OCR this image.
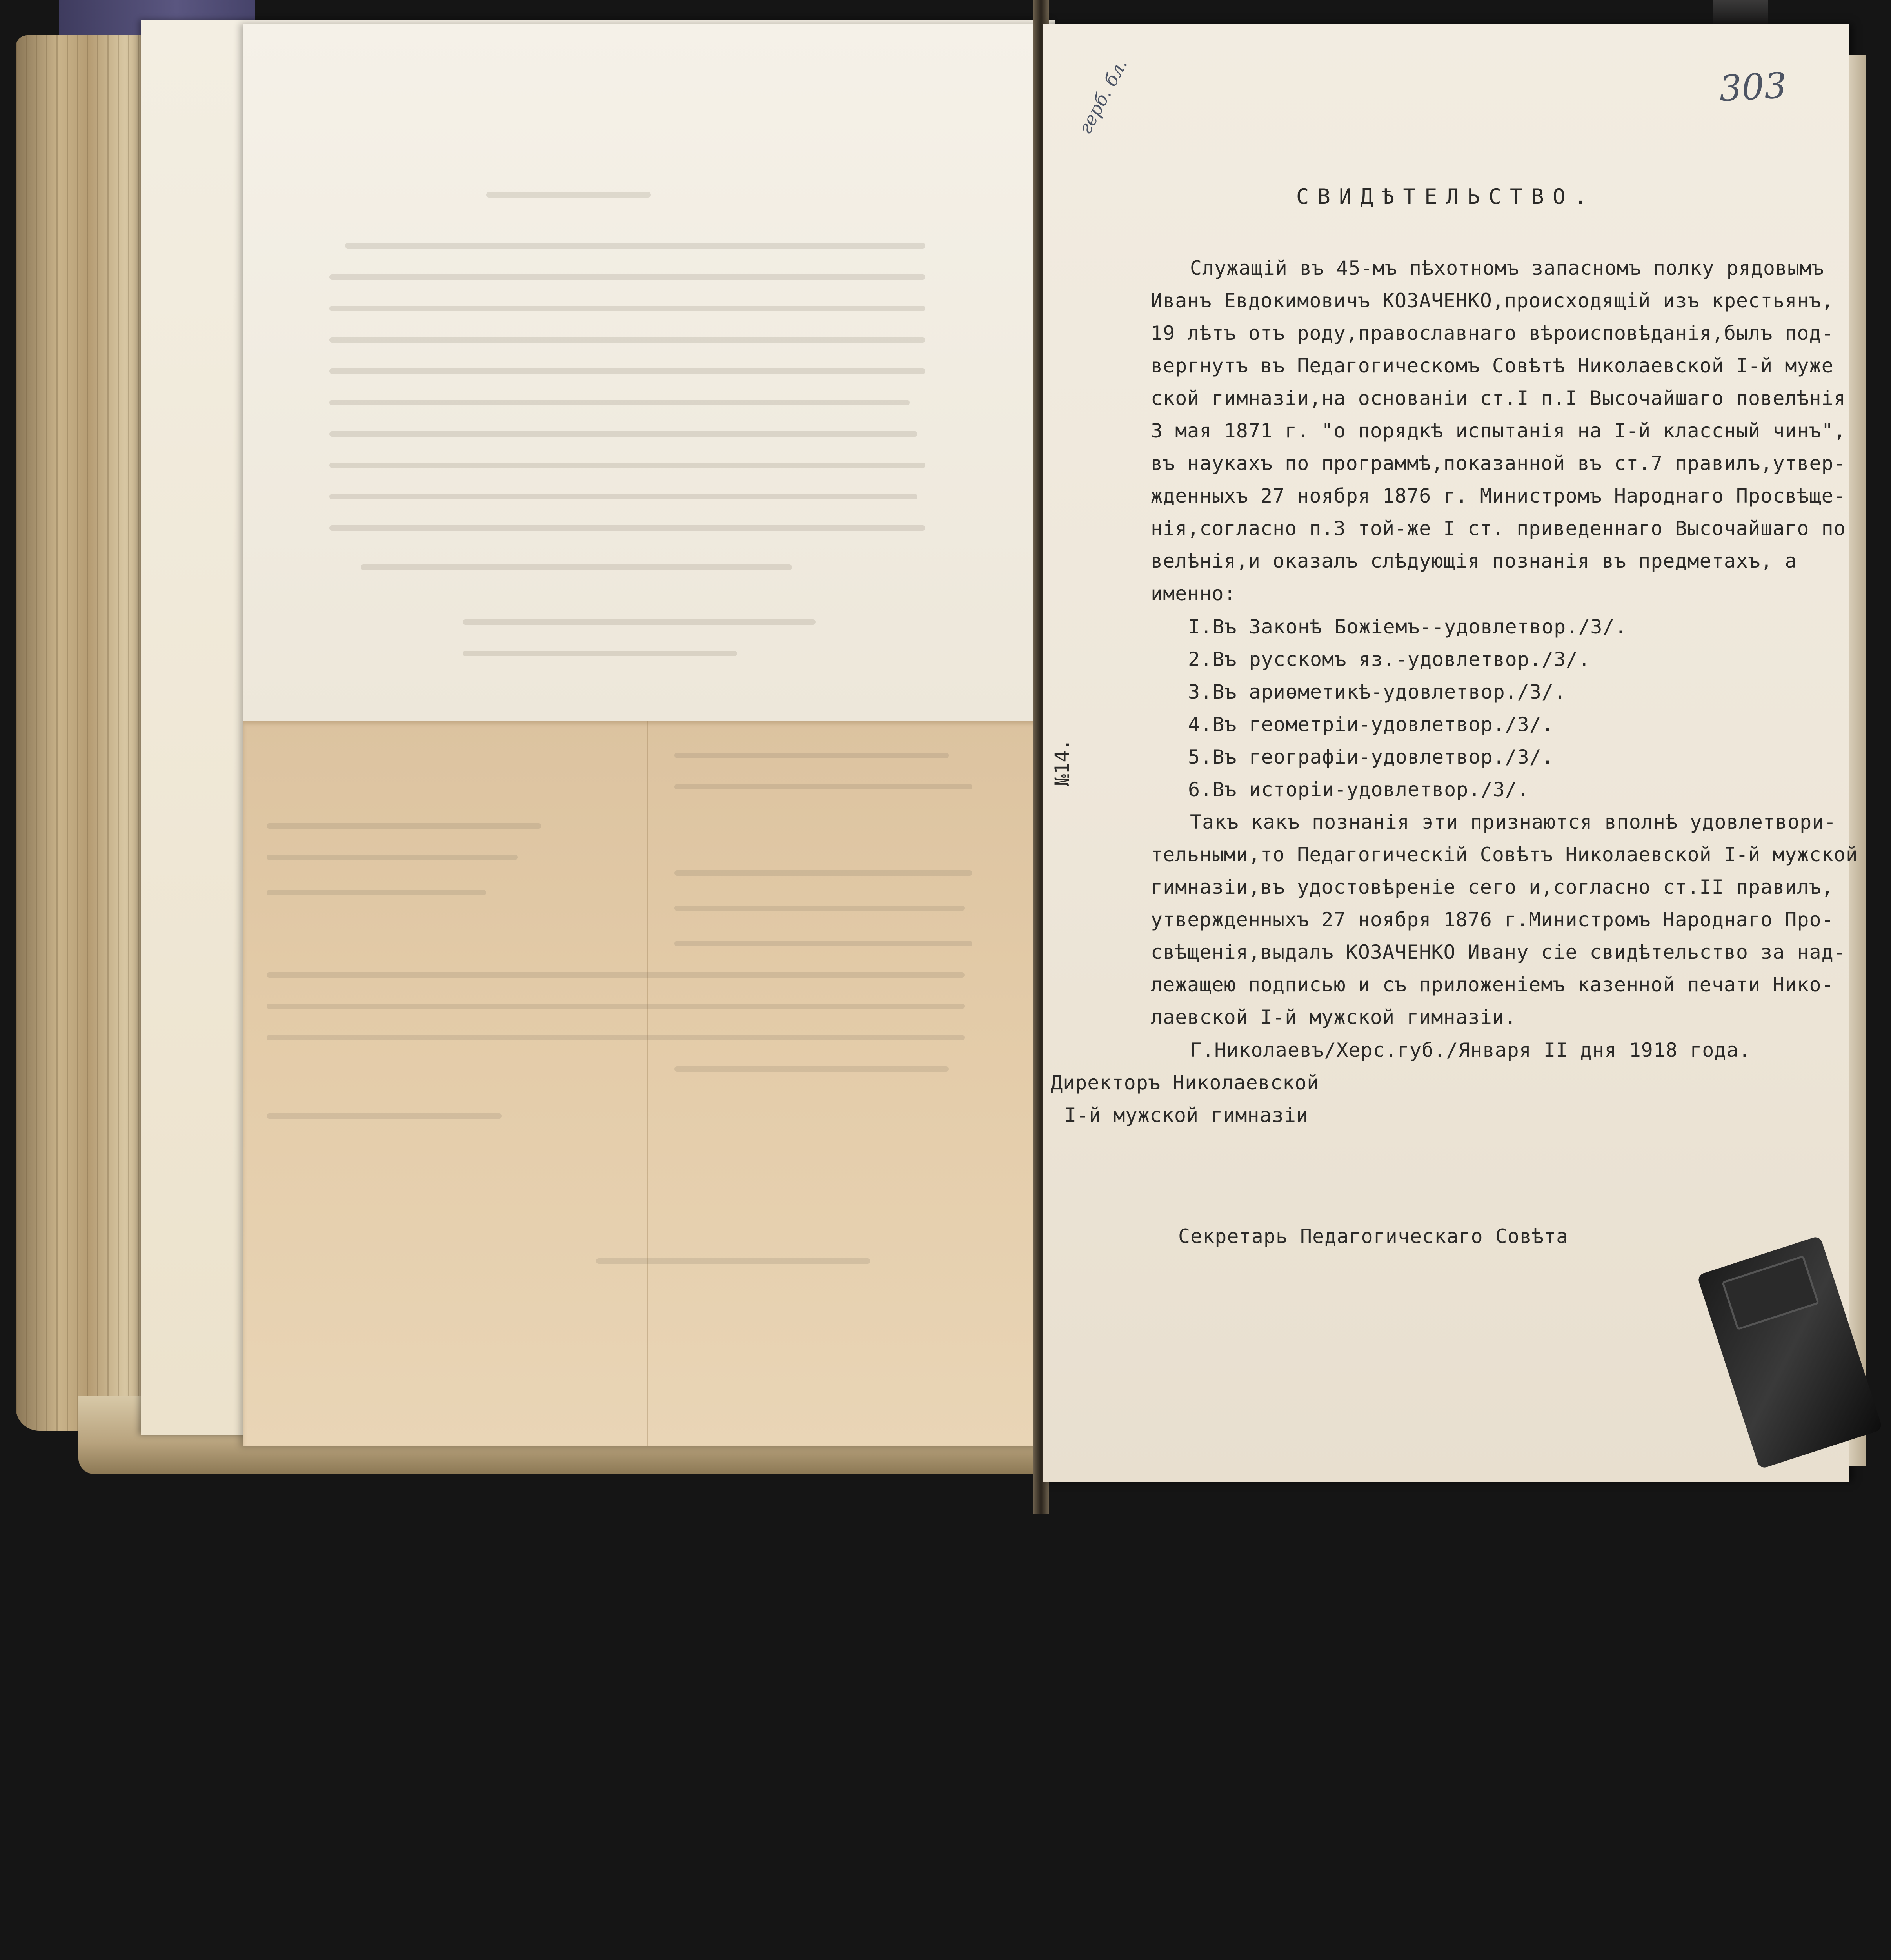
303
герб. бл.
СВИДѢТЕЛЬСТВО.
Служащiй въ 45-мъ пѣхотномъ запасномъ полку рядовымъ
Иванъ Евдокимовичъ КОЗАЧЕНКО,происходящiй изъ крестьянъ,
19 лѣтъ отъ роду,православнаго вѣроисповѣданiя,былъ под-
вергнутъ въ Педагогическомъ Совѣтѣ Николаевской I-й муже
ской гимназiи,на основанiи ст.I п.I Высочайшаго повелѣнiя
3 мая 1871 г. "о порядкѣ испытанiя на I-й классный чинъ",
въ наукахъ по программѣ,показанной въ ст.7 правилъ,утвер-
жденныхъ 27 ноября 1876 г. Министромъ Народнаго Просвѣще-
нiя,согласно п.3 той-же I ст. приведеннаго Высочайшаго по
велѣнiя,и оказалъ слѣдующiя познанiя въ предметахъ, а
именно:
I.Въ Законѣ Божiемъ--удовлетвор./3/.
2.Въ русскомъ яз.-удовлетвор./3/.
3.Въ ариѳметикѣ-удовлетвор./3/.
4.Въ геометрiи-удовлетвор./3/.
5.Въ географiи-удовлетвор./3/.
6.Въ исторiи-удовлетвор./3/.
№14.
Такъ какъ познанiя эти признаются вполнѣ удовлетвори-
тельными,то Педагогическiй Совѣтъ Николаевской I-й мужской
гимназiи,въ удостовѣренiе сего и,согласно ст.II правилъ,
утвержденныхъ 27 ноября 1876 г.Министромъ Народнаго Про-
свѣщенiя,выдалъ КОЗАЧЕНКО Ивану сiе свидѣтельство за над-
лежащею подписью и съ приложенiемъ казенной печати Нико-
лаевской I-й мужской гимназiи.
Г.Николаевъ/Херс.губ./Января II дня 1918 года.
Директоръ Николаевской
I-й мужской гимназiи
Секретарь Педагогическаго Совѣта
